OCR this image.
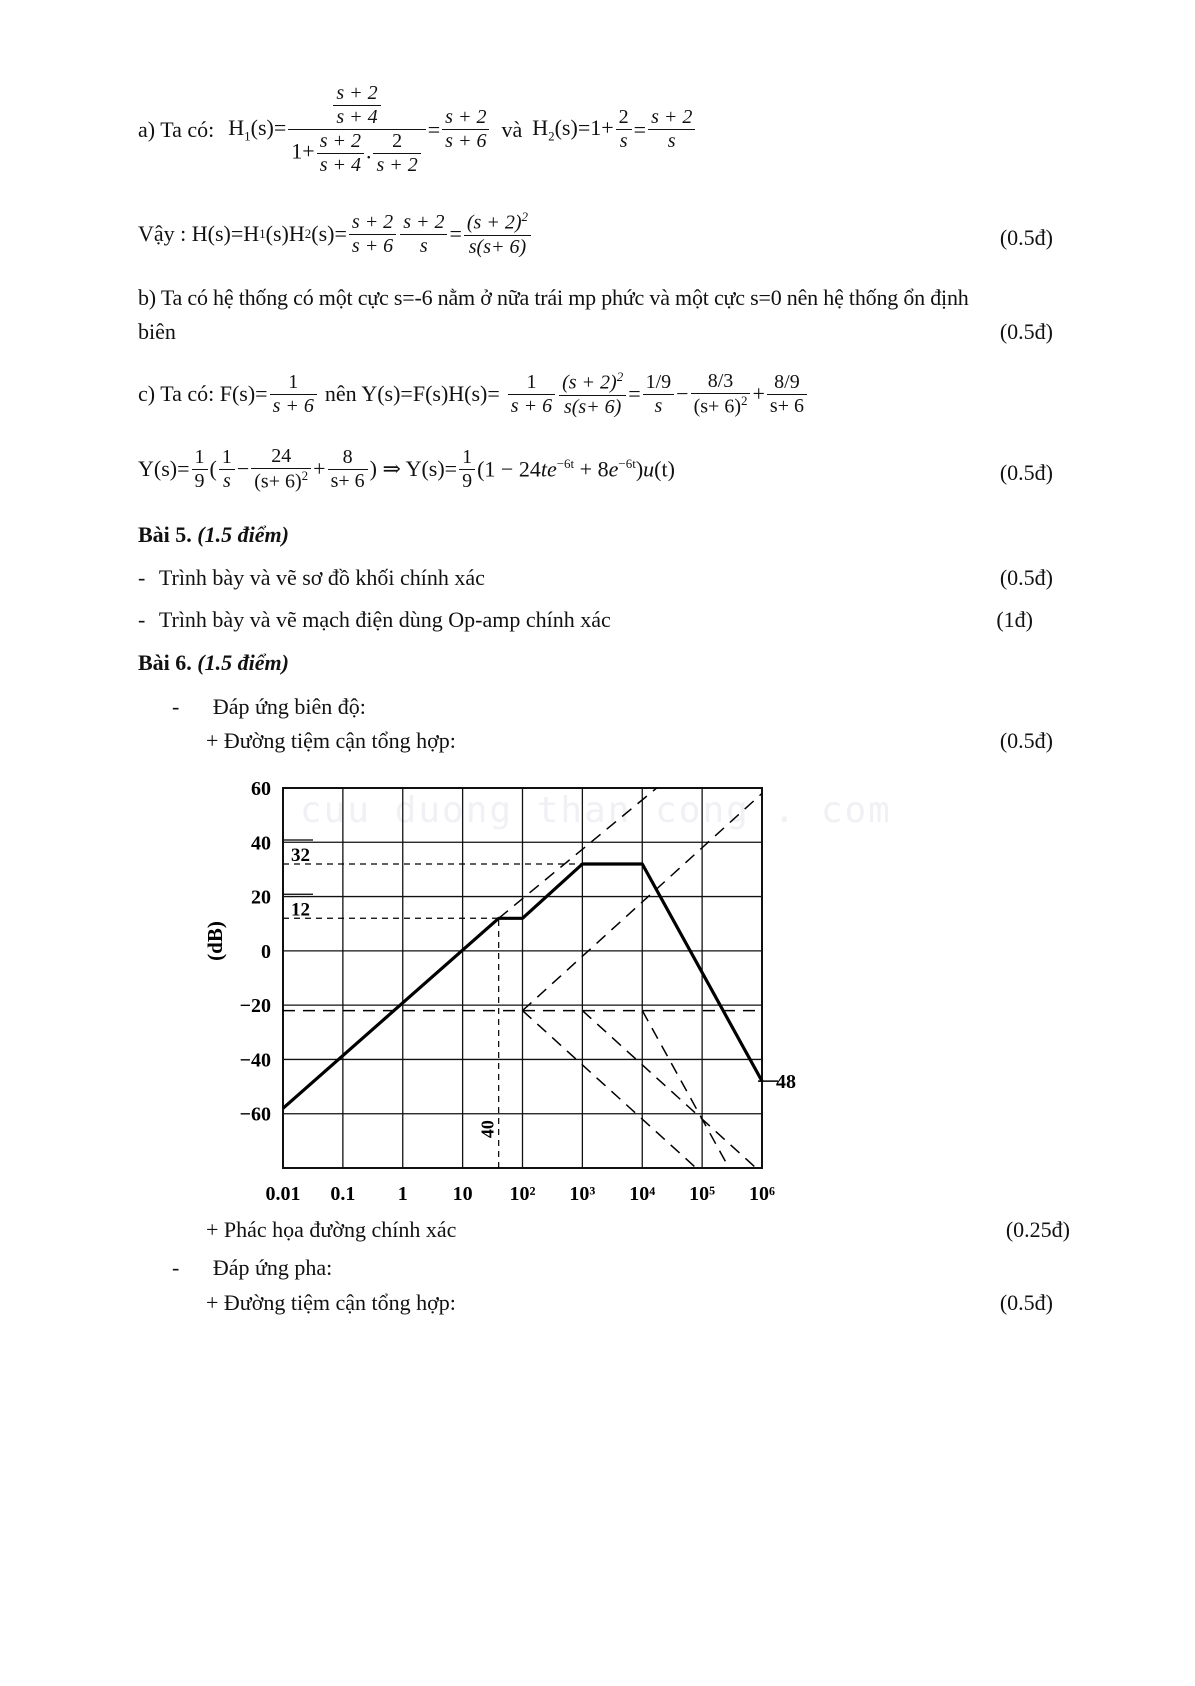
cuu duong than cong . com
a) Ta có: $H_1(s)= \frac{\frac{s + 2}{s + 4}}{1+ \frac{s + 2}{s + 4} . \frac{2}{s + 2}} = \frac{s + 2}{s + 6}$ và $H_2(s)=1+ \frac{2}{s} = \frac{s + 2}{s}$
Vậy : H(s)=H 1 (s)H 2 $(s)= \frac{s + 2}{s + 6} \frac{s + 2}{s} = \frac{(s + 2)^2}{s(s+ 6)}$	(0.5đ)
b) Ta có hệ thống có một cực s=-6 nằm ở nữa trái mp phức và một cực s=0 nên hệ thống ổn định
biên	(0.5đ)
c) Ta có: $F(s)= \frac{1}{s + 6}$ nên $Y(s)=F(s)H(s)= \frac{1}{s + 6} \frac{(s + 2)^2}{s(s+ 6)} = \frac{1/9}{s} - \frac{8/3}{(s+ 6)^2} + \frac{8/9}{s+ 6}$
$Y(s)= \frac{1}{9}$ ( $\frac{1}{s} - \frac{24}{(s+ 6)^2} + \frac{8}{s+ 6}$ ) ⇒ $Y(s)= \frac{1}{9} (1 - 24te^{-6t} + 8e^{-6t})u(t)$	(0.5đ)
Bài 5. (1.5 điểm)
- Trình bày và vẽ sơ đồ khối chính xác	(0.5đ)
- Trình bày và vẽ mạch điện dùng Op-amp chính xác	(1đ)
Bài 6. (1.5 điểm)
- Đáp ứng biên độ:
+ Đường tiệm cận tổng hợp:	(0.5đ)
60
40
20
0
−20
−40
−60
0.01 0.1 1 10 10² 10³ 10⁴ 10⁵ 10⁶
32
12
40
48
(dB)
+ Phác họa đường chính xác	(0.25đ)
- Đáp ứng pha:
+ Đường tiệm cận tổng hợp:	(0.5đ)
